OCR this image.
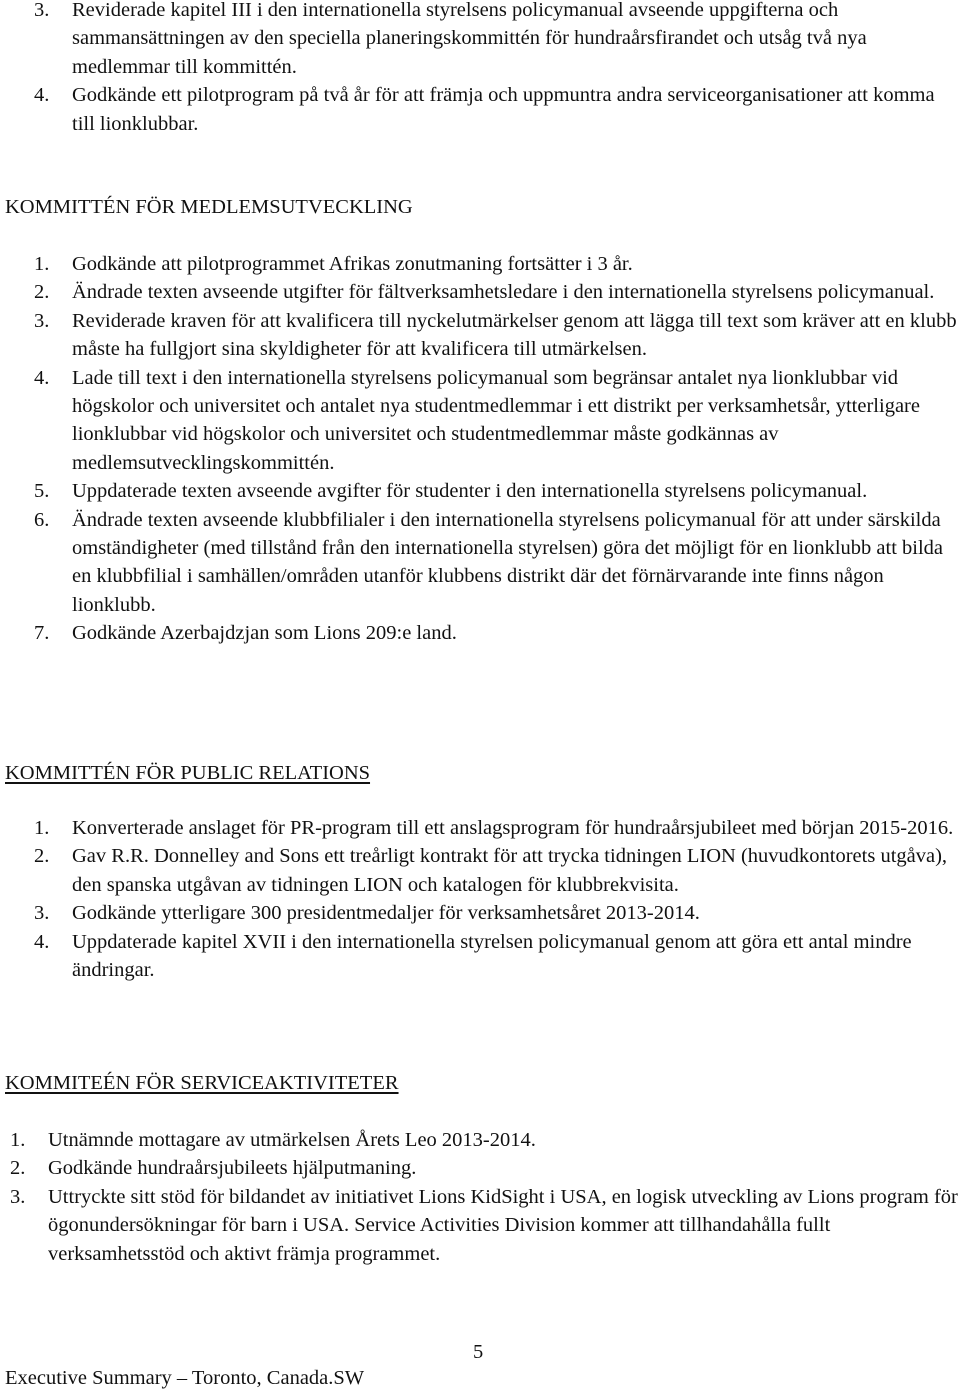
3. Reviderade kapitel III i den internationella styrelsens policymanual avseende uppgifterna och sammansättningen av den speciella planeringskommittén för hundraårsfirandet och utsåg två nya medlemmar till kommittén.
4. Godkände ett pilotprogram på två år för att främja och uppmuntra andra serviceorganisationer att komma till lionklubbar.
KOMMITTÉN FÖR MEDLEMSUTVECKLING
1. Godkände att pilotprogrammet Afrikas zonutmaning fortsätter i 3 år.
2. Ändrade texten avseende utgifter för fältverksamhetsledare i den internationella styrelsens policymanual.
3. Reviderade kraven för att kvalificera till nyckelutmärkelser genom att lägga till text som kräver att en klubb måste ha fullgjort sina skyldigheter för att kvalificera till utmärkelsen.
4. Lade till text i den internationella styrelsens policymanual som begränsar antalet nya lionklubbar vid högskolor och universitet och antalet nya studentmedlemmar i ett distrikt per verksamhetsår, ytterligare lionklubbar vid högskolor och universitet och studentmedlemmar måste godkännas av medlemsutvecklingskommittén.
5. Uppdaterade texten avseende avgifter för studenter i den internationella styrelsens policymanual.
6. Ändrade texten avseende klubbfilialer i den internationella styrelsens policymanual för att under särskilda omständigheter (med tillstånd från den internationella styrelsen) göra det möjligt för en lionklubb att bilda en klubbfilial i samhällen/områden utanför klubbens distrikt där det förnärvarande inte finns någon lionklubb.
7. Godkände Azerbajdzjan som Lions 209:e land.
KOMMITTÉN FÖR PUBLIC RELATIONS
1. Konverterade anslaget för PR-program till ett anslagsprogram för hundraårsjubileet med början 2015-2016.
2. Gav R.R. Donnelley and Sons ett treårligt kontrakt för att trycka tidningen LION (huvudkontorets utgåva), den spanska utgåvan av tidningen LION och katalogen för klubbrekvisita.
3. Godkände ytterligare 300 presidentmedaljer för verksamhetsåret 2013-2014.
4. Uppdaterade kapitel XVII i den internationella styrelsen policymanual genom att göra ett antal mindre ändringar.
KOMMITEÉN FÖR SERVICEAKTIVITETER
1. Utnämnde mottagare av utmärkelsen Årets Leo 2013-2014.
2. Godkände hundraårsjubileets hjälputmaning.
3. Uttryckte sitt stöd för bildandet av initiativet Lions KidSight i USA, en logisk utveckling av Lions program för ögonundersökningar för barn i USA. Service Activities Division kommer att tillhandahålla fullt verksamhetsstöd och aktivt främja programmet.
5
Executive Summary – Toronto, Canada.SW
